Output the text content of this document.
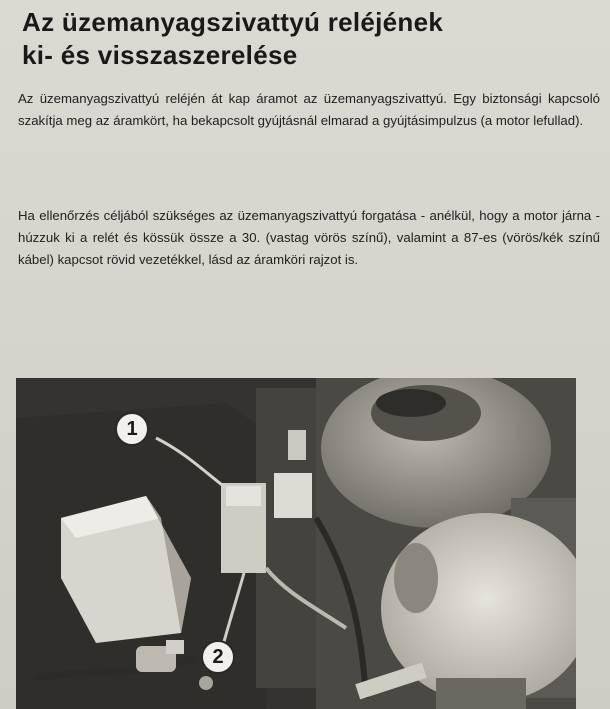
Az üzemanyagszivattyú reléjének
ki- és visszaszerelése

Az üzemanyagszivattyú reléjén át kap áramot az üzemanyagszivattyú. Egy biztonsági kapcsoló szakítja meg az áramkört, ha bekapcsolt gyújtásnál elmarad a gyújtásimpulzus (a motor lefullad).

Ha ellenőrzés céljából szükséges az üzemanyagszivattyú forgatása - anélkül, hogy a motor járna - húzzuk ki a relét és kössük össze a 30. (vastag vörös színű), valamint a 87-es (vörös/kék színű kábel) kapcsot rövid vezetékkel, lásd az áramköri rajzot is.

1
2
